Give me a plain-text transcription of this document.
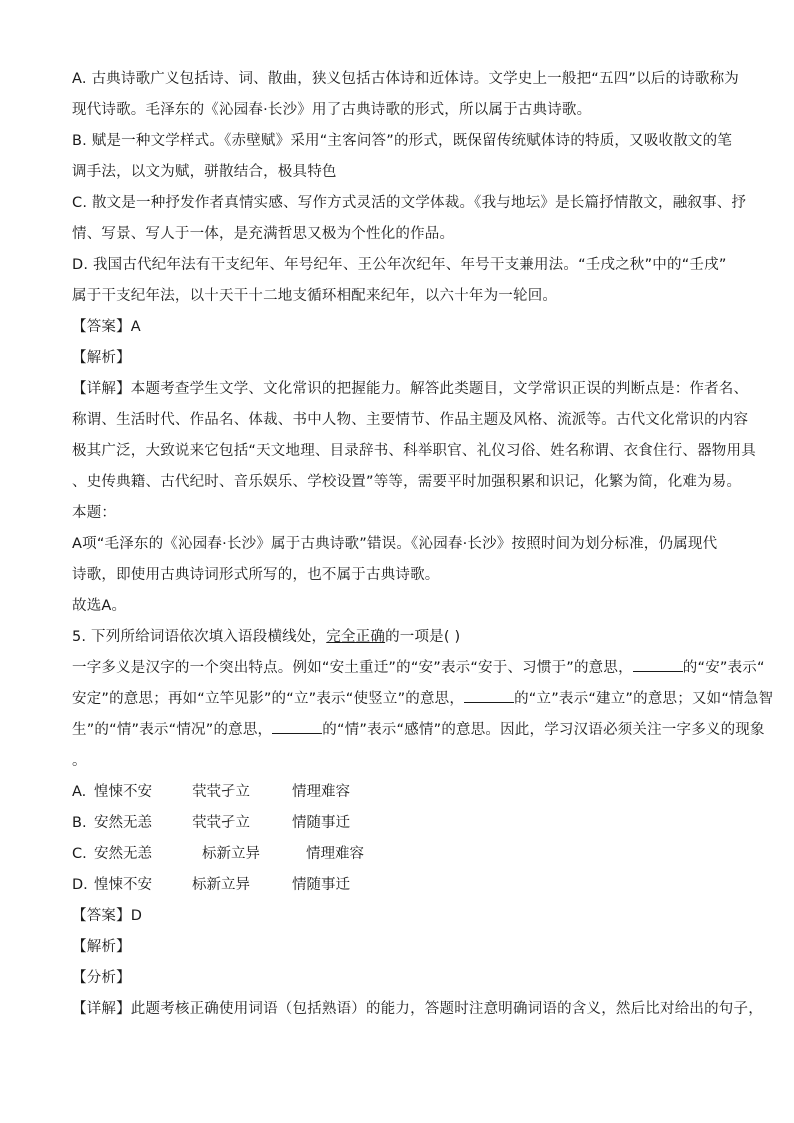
A. 古典诗歌广义包括诗、词、散曲，狭义包括古体诗和近体诗。文学史上一般把“五四”以后的诗歌称为
现代诗歌。毛泽东的《沁园春·长沙》用了古典诗歌的形式，所以属于古典诗歌。
B. 赋是一种文学样式。《赤壁赋》采用“主客问答”的形式，既保留传统赋体诗的特质，又吸收散文的笔
调手法，以文为赋，骈散结合，极具特色
C. 散文是一种抒发作者真情实感、写作方式灵活的文学体裁。《我与地坛》是长篇抒情散文，融叙事、抒
情、写景、写人于一体，是充满哲思又极为个性化的作品。
D. 我国古代纪年法有干支纪年、年号纪年、王公年次纪年、年号干支兼用法。“壬戌之秋”中的“壬戌”
属于干支纪年法，以十天干十二地支循环相配来纪年，以六十年为一轮回。
【答案】A
【解析】
【详解】本题考查学生文学、文化常识的把握能力。解答此类题目，文学常识正误的判断点是：作者名、
称谓、生活时代、作品名、体裁、书中人物、主要情节、作品主题及风格、流派等。古代文化常识的内容
极其广泛，大致说来它包括“天文地理、目录辞书、科举职官、礼仪习俗、姓名称谓、衣食住行、器物用具
、史传典籍、古代纪时、音乐娱乐、学校设置”等等，需要平时加强积累和识记，化繁为简，化难为易。
本题：
A项“毛泽东的《沁园春·长沙》属于古典诗歌”错误。《沁园春·长沙》按照时间为划分标准，仍属现代
诗歌，即使用古典诗词形式所写的，也不属于古典诗歌。
故选A。
5. 下列所给词语依次填入语段横线处，完全正确的一项是( )
一字多义是汉字的一个突出特点。例如“安土重迁”的“安”表示“安于、习惯于”的意思，	的“安”表示“
安定”的意思；再如“立竿见影”的“立”表示“使竖立”的意思，	的“立”表示“建立”的意思；又如“情急智
生”的“情”表示“情况”的意思，	的“情”表示“感情”的意思。因此，学习汉语必须关注一字多义的现象
。
A. 惶悚不安	茕茕孑立	情理难容
B. 安然无恙	茕茕孑立	情随事迁
C. 安然无恙	标新立异	情理难容
D. 惶悚不安	标新立异	情随事迁
【答案】D
【解析】
【分析】
【详解】此题考核正确使用词语（包括熟语）的能力，答题时注意明确词语的含义，然后比对给出的句子，
